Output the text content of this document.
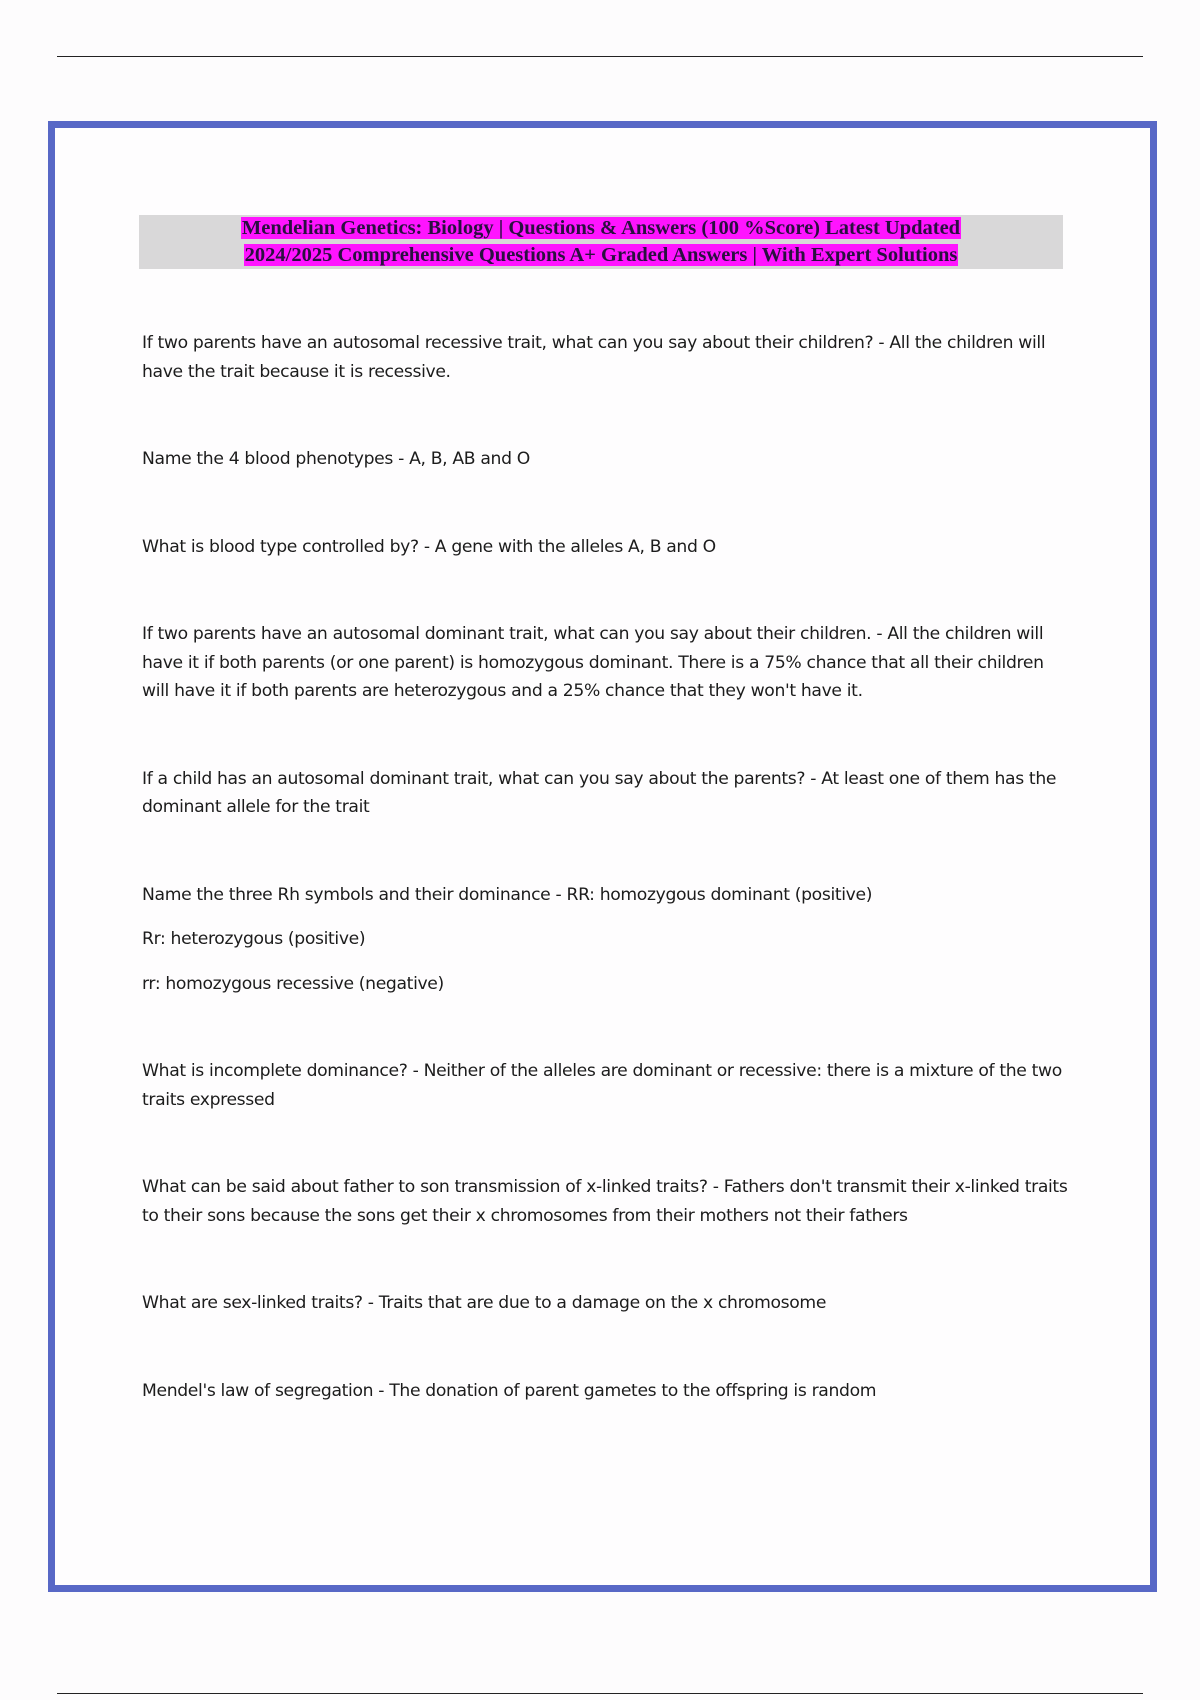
Mendelian Genetics: Biology | Questions & Answers (100 %Score) Latest Updated
2024/2025 Comprehensive Questions A+ Graded Answers | With Expert Solutions

If two parents have an autosomal recessive trait, what can you say about their children? - All the children will have the trait because it is recessive.

Name the 4 blood phenotypes - A, B, AB and O

What is blood type controlled by? - A gene with the alleles A, B and O

If two parents have an autosomal dominant trait, what can you say about their children. - All the children will have it if both parents (or one parent) is homozygous dominant. There is a 75% chance that all their children will have it if both parents are heterozygous and a 25% chance that they won't have it.

If a child has an autosomal dominant trait, what can you say about the parents? - At least one of them has the dominant allele for the trait

Name the three Rh symbols and their dominance - RR: homozygous dominant (positive)

Rr: heterozygous (positive)

rr: homozygous recessive (negative)

What is incomplete dominance? - Neither of the alleles are dominant or recessive: there is a mixture of the two traits expressed

What can be said about father to son transmission of x-linked traits? - Fathers don't transmit their x-linked traits to their sons because the sons get their x chromosomes from their mothers not their fathers

What are sex-linked traits? - Traits that are due to a damage on the x chromosome

Mendel's law of segregation - The donation of parent gametes to the offspring is random
